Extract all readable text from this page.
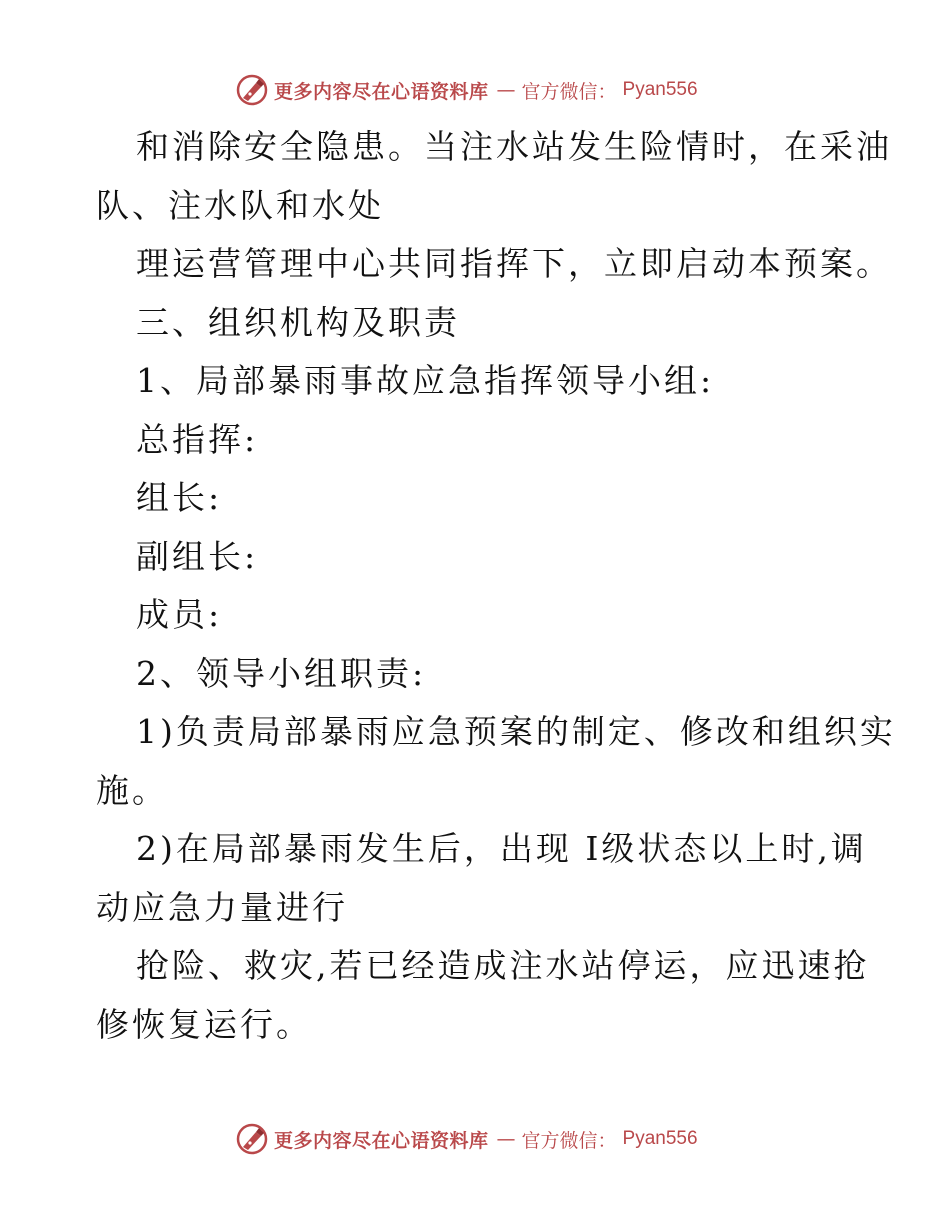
更多内容尽在心语资料库 — 官方微信： Pyan556
和消除安全隐患。当注水站发生险情时，在采油
队、注水队和水处
理运营管理中心共同指挥下，立即启动本预案。
三、组织机构及职责
1、局部暴雨事故应急指挥领导小组:
总指挥:
组长:
副组长:
成员:
2、领导小组职责:
1)负责局部暴雨应急预案的制定、修改和组织实
施。
2)在局部暴雨发生后，出现 I级状态以上时,调
动应急力量进行
抢险、救灾,若已经造成注水站停运，应迅速抢
修恢复运行。
更多内容尽在心语资料库 — 官方微信： Pyan556
